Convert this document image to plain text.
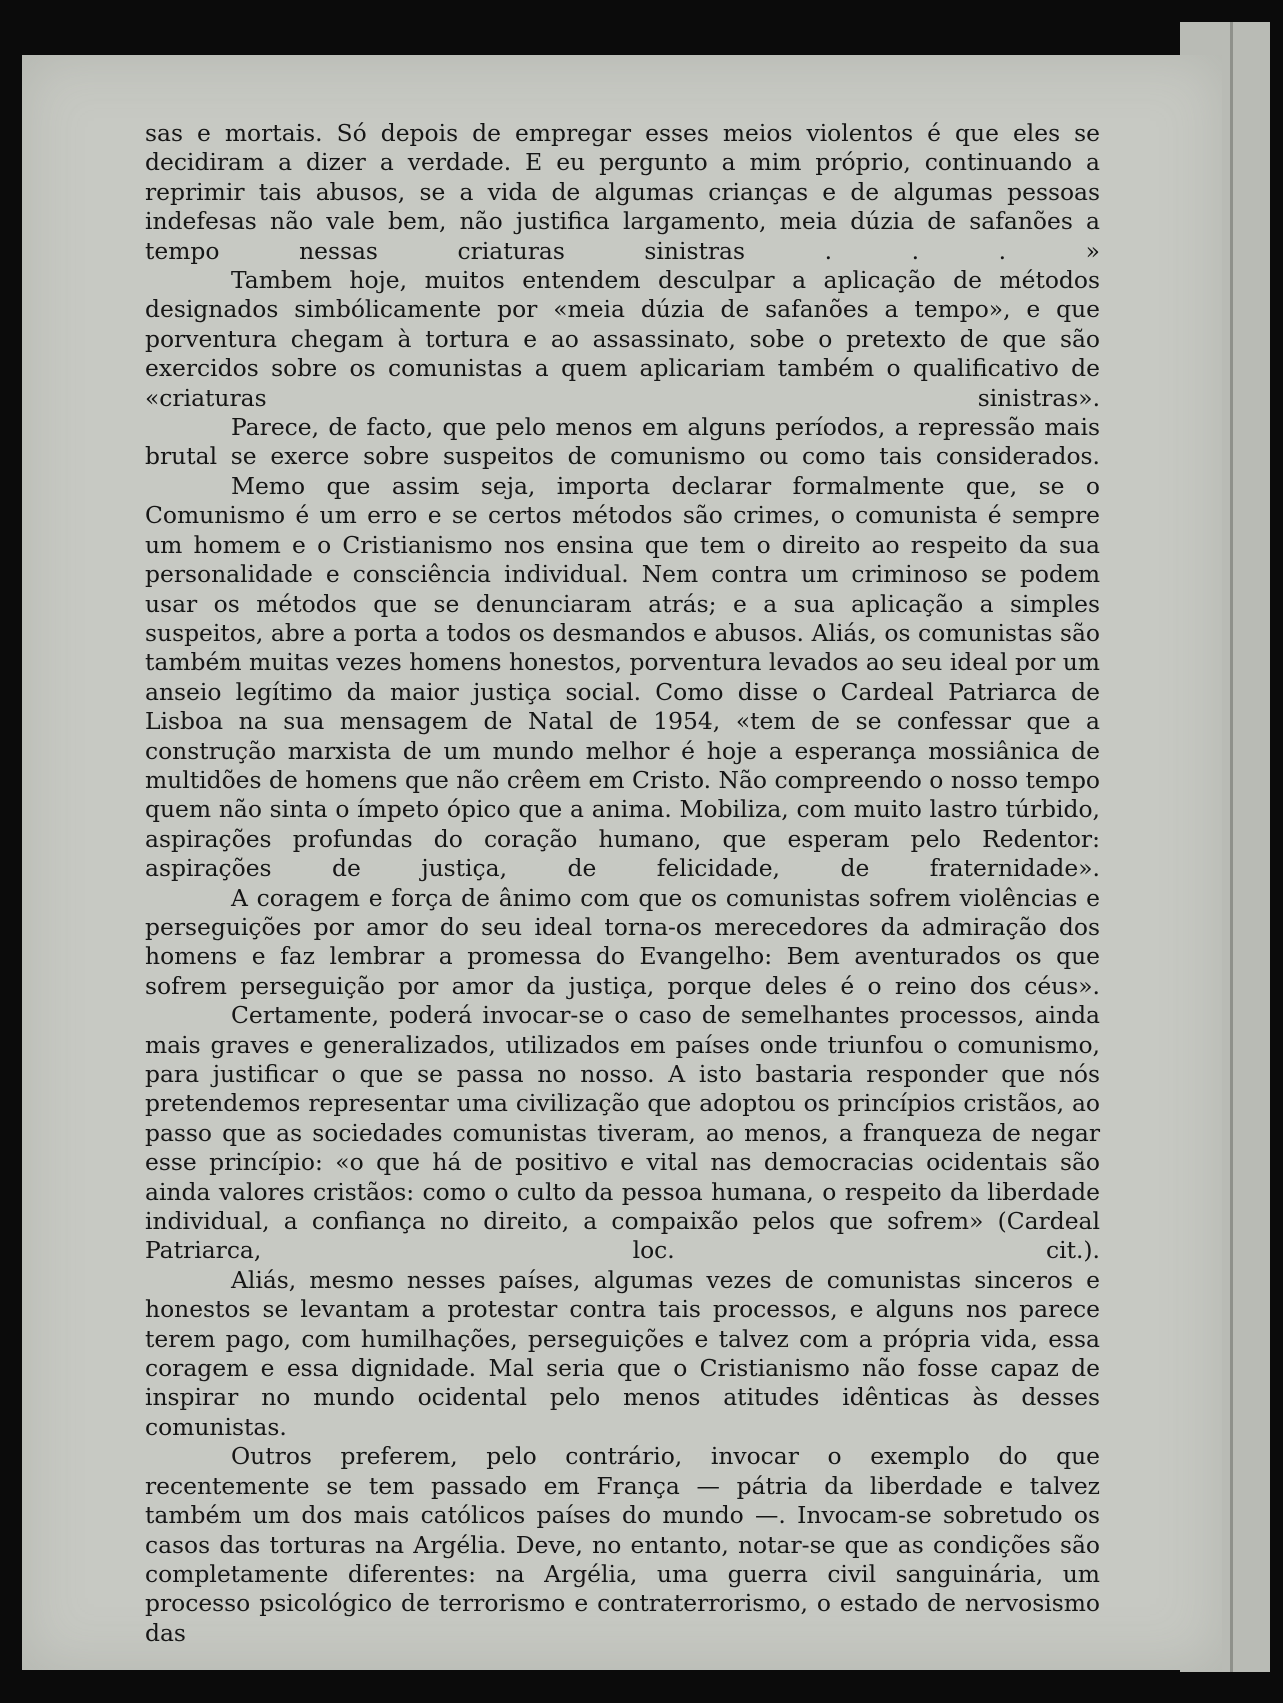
sas e mortais. Só depois de empregar esses meios violentos é que eles se decidiram a dizer a verdade. E eu pergunto a mim próprio, continuando a reprimir tais abusos, se a vida de algumas crianças e de algumas pessoas indefesas não vale bem, não justifica largamento, meia dúzia de safanões a tempo nessas criaturas sinistras . . . »

Tambem hoje, muitos entendem desculpar a aplicação de métodos designados simbólicamente por «meia dúzia de safanões a tempo», e que porventura chegam à tortura e ao assassinato, sobe o pretexto de que são exercidos sobre os comunistas a quem aplicariam também o qualificativo de «criaturas sinistras».

Parece, de facto, que pelo menos em alguns períodos, a repressão mais brutal se exerce sobre suspeitos de comunismo ou como tais considerados.

Memo que assim seja, importa declarar formalmente que, se o Comunismo é um erro e se certos métodos são crimes, o comunista é sempre um homem e o Cristianismo nos ensina que tem o direito ao respeito da sua personalidade e consciência individual. Nem contra um criminoso se podem usar os métodos que se denunciaram atrás; e a sua aplicação a simples suspeitos, abre a porta a todos os desmandos e abusos. Aliás, os comunistas são também muitas vezes homens honestos, porventura levados ao seu ideal por um anseio legítimo da maior justiça social. Como disse o Cardeal Patriarca de Lisboa na sua mensagem de Natal de 1954, «tem de se confessar que a construção marxista de um mundo melhor é hoje a esperança mossiânica de multidões de homens que não crêem em Cristo. Não compreendo o nosso tempo quem não sinta o ímpeto ópico que a anima. Mobiliza, com muito lastro túrbido, aspirações profundas do coração humano, que esperam pelo Redentor: aspirações de justiça, de felicidade, de fraternidade».

A coragem e força de ânimo com que os comunistas sofrem violências e perseguições por amor do seu ideal torna-os merecedores da admiração dos homens e faz lembrar a promessa do Evangelho: Bem aventurados os que sofrem perseguição por amor da justiça, porque deles é o reino dos céus».

Certamente, poderá invocar-se o caso de semelhantes processos, ainda mais graves e generalizados, utilizados em países onde triunfou o comunismo, para justificar o que se passa no nosso. A isto bastaria responder que nós pretendemos representar uma civilização que adoptou os princípios cristãos, ao passo que as sociedades comunistas tiveram, ao menos, a franqueza de negar esse princípio: «o que há de positivo e vital nas democracias ocidentais são ainda valores cristãos: como o culto da pessoa humana, o respeito da liberdade individual, a confiança no direito, a compaixão pelos que sofrem» (Cardeal Patriarca, loc. cit.).

Aliás, mesmo nesses países, algumas vezes de comunistas sinceros e honestos se levantam a protestar contra tais processos, e alguns nos parece terem pago, com humilhações, perseguições e talvez com a própria vida, essa coragem e essa dignidade. Mal seria que o Cristianismo não fosse capaz de inspirar no mundo ocidental pelo menos atitudes idênticas às desses comunistas.

Outros preferem, pelo contrário, invocar o exemplo do que recentemente se tem passado em França — pátria da liberdade e talvez também um dos mais católicos países do mundo —. Invocam-se sobretudo os casos das torturas na Argélia. Deve, no entanto, notar-se que as condições são completamente diferentes: na Argélia, uma guerra civil sanguinária, um processo psicológico de terrorismo e contraterrorismo, o estado de nervosismo das
